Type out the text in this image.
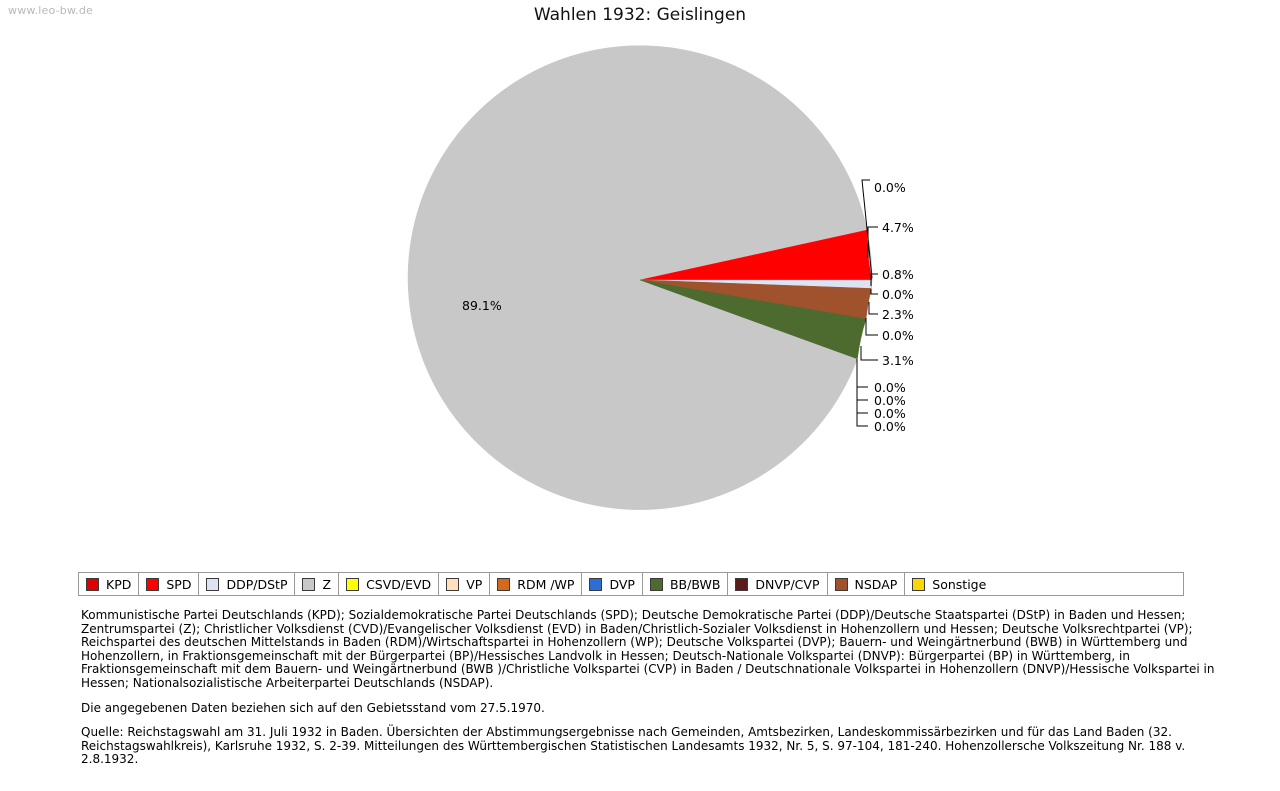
www.leo-bw.de	Wahlen 1932: Geislingen
89.1%
0.0%
4.7%
0.8%
0.0%
2.3%
0.0%
3.1%
0.0%
0.0%
0.0%
0.0%
KPD	SPD	DDP/DStP	Z	CSVD/EVD	VP	RDM /WP	DVP	BB/BWB	DNVP/CVP	NSDAP	Sonstige

Kommunistische Partei Deutschlands (KPD); Sozialdemokratische Partei Deutschlands (SPD); Deutsche Demokratische Partei (DDP)/Deutsche Staatspartei (DStP) in Baden und Hessen; Zentrumspartei (Z); Christlicher Volksdienst (CVD)/Evangelischer Volksdienst (EVD) in Baden/Christlich-Sozialer Volksdienst in Hohenzollern und Hessen; Deutsche Volksrechtpartei (VP); Reichspartei des deutschen Mittelstands in Baden (RDM)/Wirtschaftspartei in Hohenzollern (WP); Deutsche Volkspartei (DVP); Bauern- und Weingärtnerbund (BWB) in Württemberg und Hohenzollern, in Fraktionsgemeinschaft mit der Bürgerpartei (BP)/Hessisches Landvolk in Hessen; Deutsch-Nationale Volkspartei (DNVP): Bürgerpartei (BP) in Württemberg, in Fraktionsgemeinschaft mit dem Bauern- und Weingärtnerbund (BWB )/Christliche Volkspartei (CVP) in Baden / Deutschnationale Volkspartei in Hohenzollern (DNVP)/Hessische Volkspartei in Hessen; Nationalsozialistische Arbeiterpartei Deutschlands (NSDAP).

Die angegebenen Daten beziehen sich auf den Gebietsstand vom 27.5.1970.

Quelle: Reichstagswahl am 31. Juli 1932 in Baden. Übersichten der Abstimmungsergebnisse nach Gemeinden, Amtsbezirken, Landeskommissärbezirken und für das Land Baden (32. Reichstagswahlkreis), Karlsruhe 1932, S. 2-39. Mitteilungen des Württembergischen Statistischen Landesamts 1932, Nr. 5, S. 97-104, 181-240. Hohenzollersche Volkszeitung Nr. 188 v. 2.8.1932.
